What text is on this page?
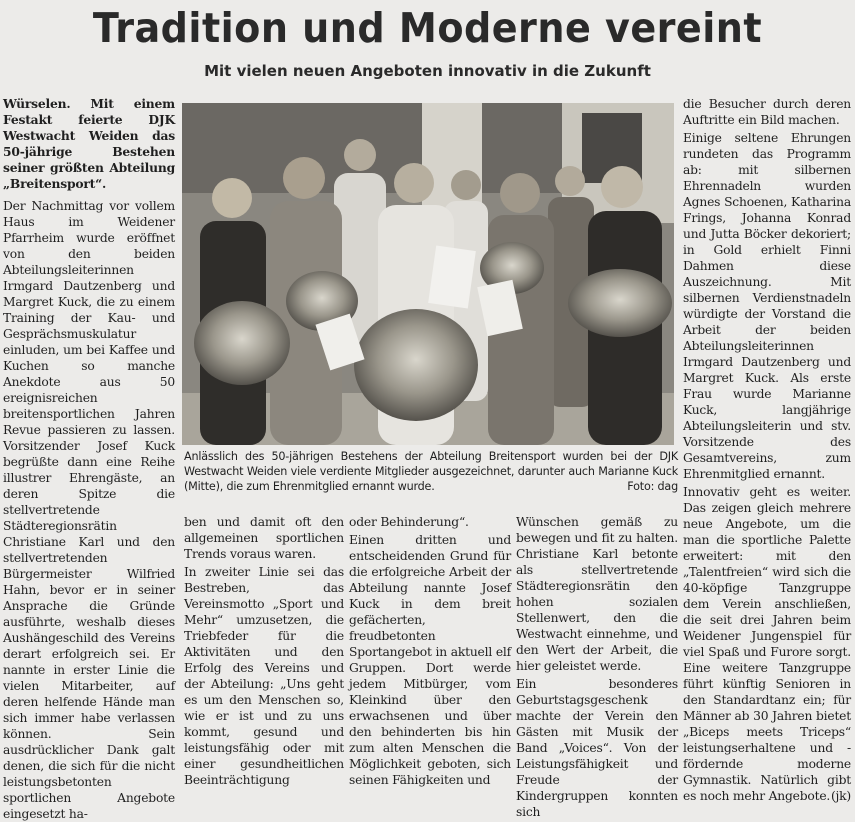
Tradition und Moderne vereint
Mit vielen neuen Angeboten innovativ in die Zukunft

Würselen. Mit einem Festakt feierte DJK Westwacht Weiden das 50-jährige Bestehen seiner größten Abteilung „Breitensport“.

Der Nachmittag vor vollem Haus im Weidener Pfarrheim wurde eröffnet von den beiden Abteilungsleiterinnen Irmgard Dautzenberg und Margret Kuck, die zu einem Training der Kau- und Gesprächsmuskulatur einluden, um bei Kaffee und Kuchen so manche Anekdote aus 50 ereignisreichen breitensportlichen Jahren Revue passieren zu lassen. Vorsitzender Josef Kuck begrüßte dann eine Reihe illustrer Ehrengäste, an deren Spitze die stellvertretende Städteregionsrätin Christiane Karl und den stellvertretenden Bürgermeister Wilfried Hahn, bevor er in seiner Ansprache die Gründe ausführte, weshalb dieses Aushängeschild des Vereins derart erfolgreich sei. Er nannte in erster Linie die vielen Mitarbeiter, auf deren helfende Hände man sich immer habe verlassen können. Sein ausdrücklicher Dank galt denen, die sich für die nicht leistungsbetonten sportlichen Angebote eingesetzt ha-

Anlässlich des 50-jährigen Bestehens der Abteilung Breitensport wurden bei der DJK Westwacht Weiden viele verdiente Mitglieder ausgezeichnet, darunter auch Marianne Kuck (Mitte), die zum Ehrenmitglied ernannt wurde.	Foto: dag

ben und damit oft den allgemeinen sportlichen Trends voraus waren.

In zweiter Linie sei das Bestreben, das Vereinsmotto „Sport und Mehr“ umzusetzen, die Triebfeder für die Aktivitäten und den Erfolg des Vereins und der Abteilung: „Uns geht es um den Menschen so, wie er ist und zu uns kommt, gesund und leistungsfähig oder mit einer gesundheitlichen Beeinträchtigung

oder Behinderung“.

Einen dritten und entscheidenden Grund für die erfolgreiche Arbeit der Abteilung nannte Josef Kuck in dem breit gefächerten, freudbetonten Sportangebot in aktuell elf Gruppen. Dort werde jedem Mitbürger, vom Kleinkind über den erwachsenen und über den behinderten bis hin zum alten Menschen die Möglichkeit geboten, sich seinen Fähigkeiten und

Wünschen gemäß zu bewegen und fit zu halten. Christiane Karl betonte als stellvertretende Städteregionsrätin den hohen sozialen Stellenwert, den die Westwacht einnehme, und den Wert der Arbeit, die hier geleistet werde.

Ein besonderes Geburtstagsgeschenk machte der Verein den Gästen mit Musik der Band „Voices“. Von der Leistungsfähigkeit und Freude der Kindergruppen konnten sich

die Besucher durch deren Auftritte ein Bild machen.

Einige seltene Ehrungen rundeten das Programm ab: mit silbernen Ehrennadeln wurden Agnes Schoenen, Katharina Frings, Johanna Konrad und Jutta Böcker dekoriert; in Gold erhielt Finni Dahmen diese Auszeichnung. Mit silbernen Verdienstnadeln würdigte der Vorstand die Arbeit der beiden Abteilungsleiterinnen Irmgard Dautzenberg und Margret Kuck. Als erste Frau wurde Marianne Kuck, langjährige Abteilungsleiterin und stv. Vorsitzende des Gesamtvereins, zum Ehrenmitglied ernannt.

Innovativ geht es weiter. Das zeigen gleich mehrere neue Angebote, um die man die sportliche Palette erweitert: mit den „Talentfreien“ wird sich die 40-köpfige Tanzgruppe dem Verein anschließen, die seit drei Jahren beim Weidener Jungenspiel für viel Spaß und Furore sorgt. Eine weitere Tanzgruppe führt künftig Senioren in den Standardtanz ein; für Männer ab 30 Jahren bietet „Biceps meets Triceps“ leistungserhaltene und -fördernde moderne Gymnastik. Natürlich gibt es noch mehr Angebote. (jk)
